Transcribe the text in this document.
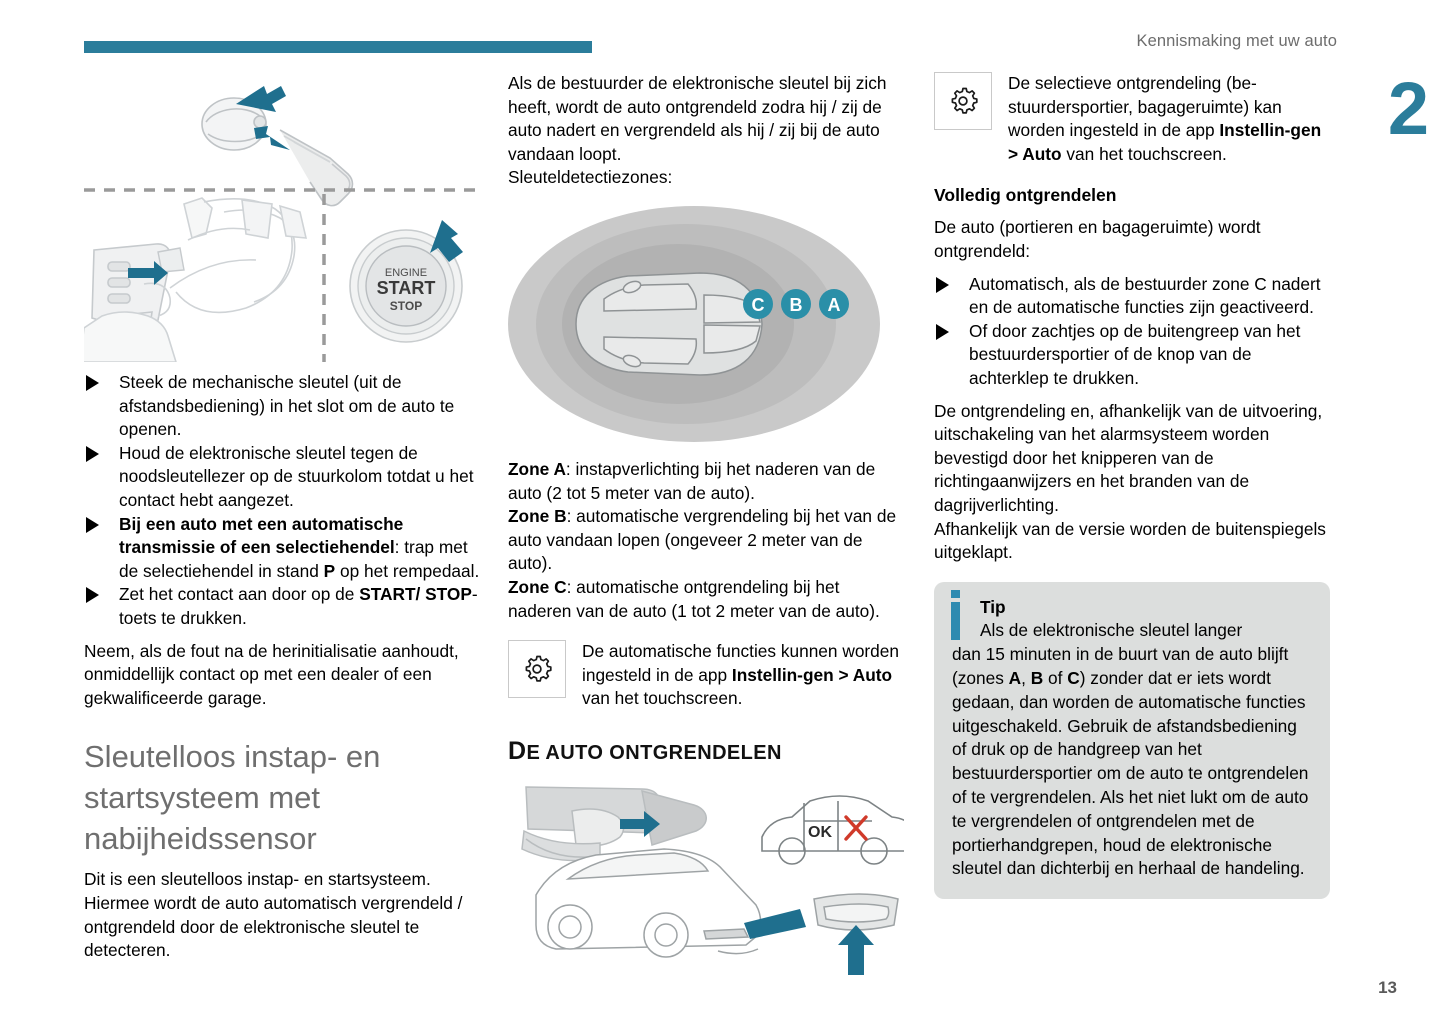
Kennismaking met uw auto
2
ENGINE
START
STOP
Steek de mechanische sleutel (uit de afstandsbediening) in het slot om de auto te openen.
Houd de elektronische sleutel tegen de noodsleutellezer op de stuurkolom totdat u het contact hebt aangezet.
Bij een auto met een automatische transmissie of een selectiehendel: trap met de selectiehendel in stand P op het rempedaal.
Zet het contact aan door op de START/ STOP-toets te drukken.
Neem, als de fout na de herinitialisatie aanhoudt, onmiddellijk contact op met een dealer of een gekwalificeerde garage.
Sleutelloos instap- en startsysteem met nabijheidssensor
Dit is een sleutelloos instap- en startsysteem. Hiermee wordt de auto automatisch vergrendeld / ontgrendeld door de elektronische sleutel te detecteren.
Als de bestuurder de elektronische sleutel bij zich heeft, wordt de auto ontgrendeld zodra hij / zij de auto nadert en vergrendeld als hij / zij bij de auto vandaan loopt.
Sleuteldetectiezones:
C B A
Zone A: instapverlichting bij het naderen van de auto (2 tot 5 meter van de auto).
Zone B: automatische vergrendeling bij het van de auto vandaan lopen (ongeveer 2 meter van de auto).
Zone C: automatische ontgrendeling bij het naderen van de auto (1 tot 2 meter van de auto).
De automatische functies kunnen worden ingesteld in de app Instellin-gen > Auto van het touchscreen.
DE AUTO ONTGRENDELEN
OK
De selectieve ontgrendeling (be-stuurdersportier, bagageruimte) kan worden ingesteld in de app Instellin-gen > Auto van het touchscreen.
Volledig ontgrendelen
De auto (portieren en bagageruimte) wordt ontgrendeld:
Automatisch, als de bestuurder zone C nadert en de automatische functies zijn geactiveerd.
Of door zachtjes op de buitengreep van het bestuurdersportier of de knop van de achterklep te drukken.
De ontgrendeling en, afhankelijk van de uitvoering, uitschakeling van het alarmsysteem worden bevestigd door het knipperen van de richtingaanwijzers en het branden van de dagrijverlichting.
Afhankelijk van de versie worden de buitenspiegels uitgeklapt.
Tip
Als de elektronische sleutel langer
dan 15 minuten in de buurt van de auto blijft (zones A, B of C) zonder dat er iets wordt gedaan, dan worden de automatische functies uitgeschakeld. Gebruik de afstandsbediening of druk op de handgreep van het bestuurdersportier om de auto te ontgrendelen of te vergrendelen. Als het niet lukt om de auto te vergrendelen of ontgrendelen met de portierhandgrepen, houd de elektronische sleutel dan dichterbij en herhaal de handeling.
13
